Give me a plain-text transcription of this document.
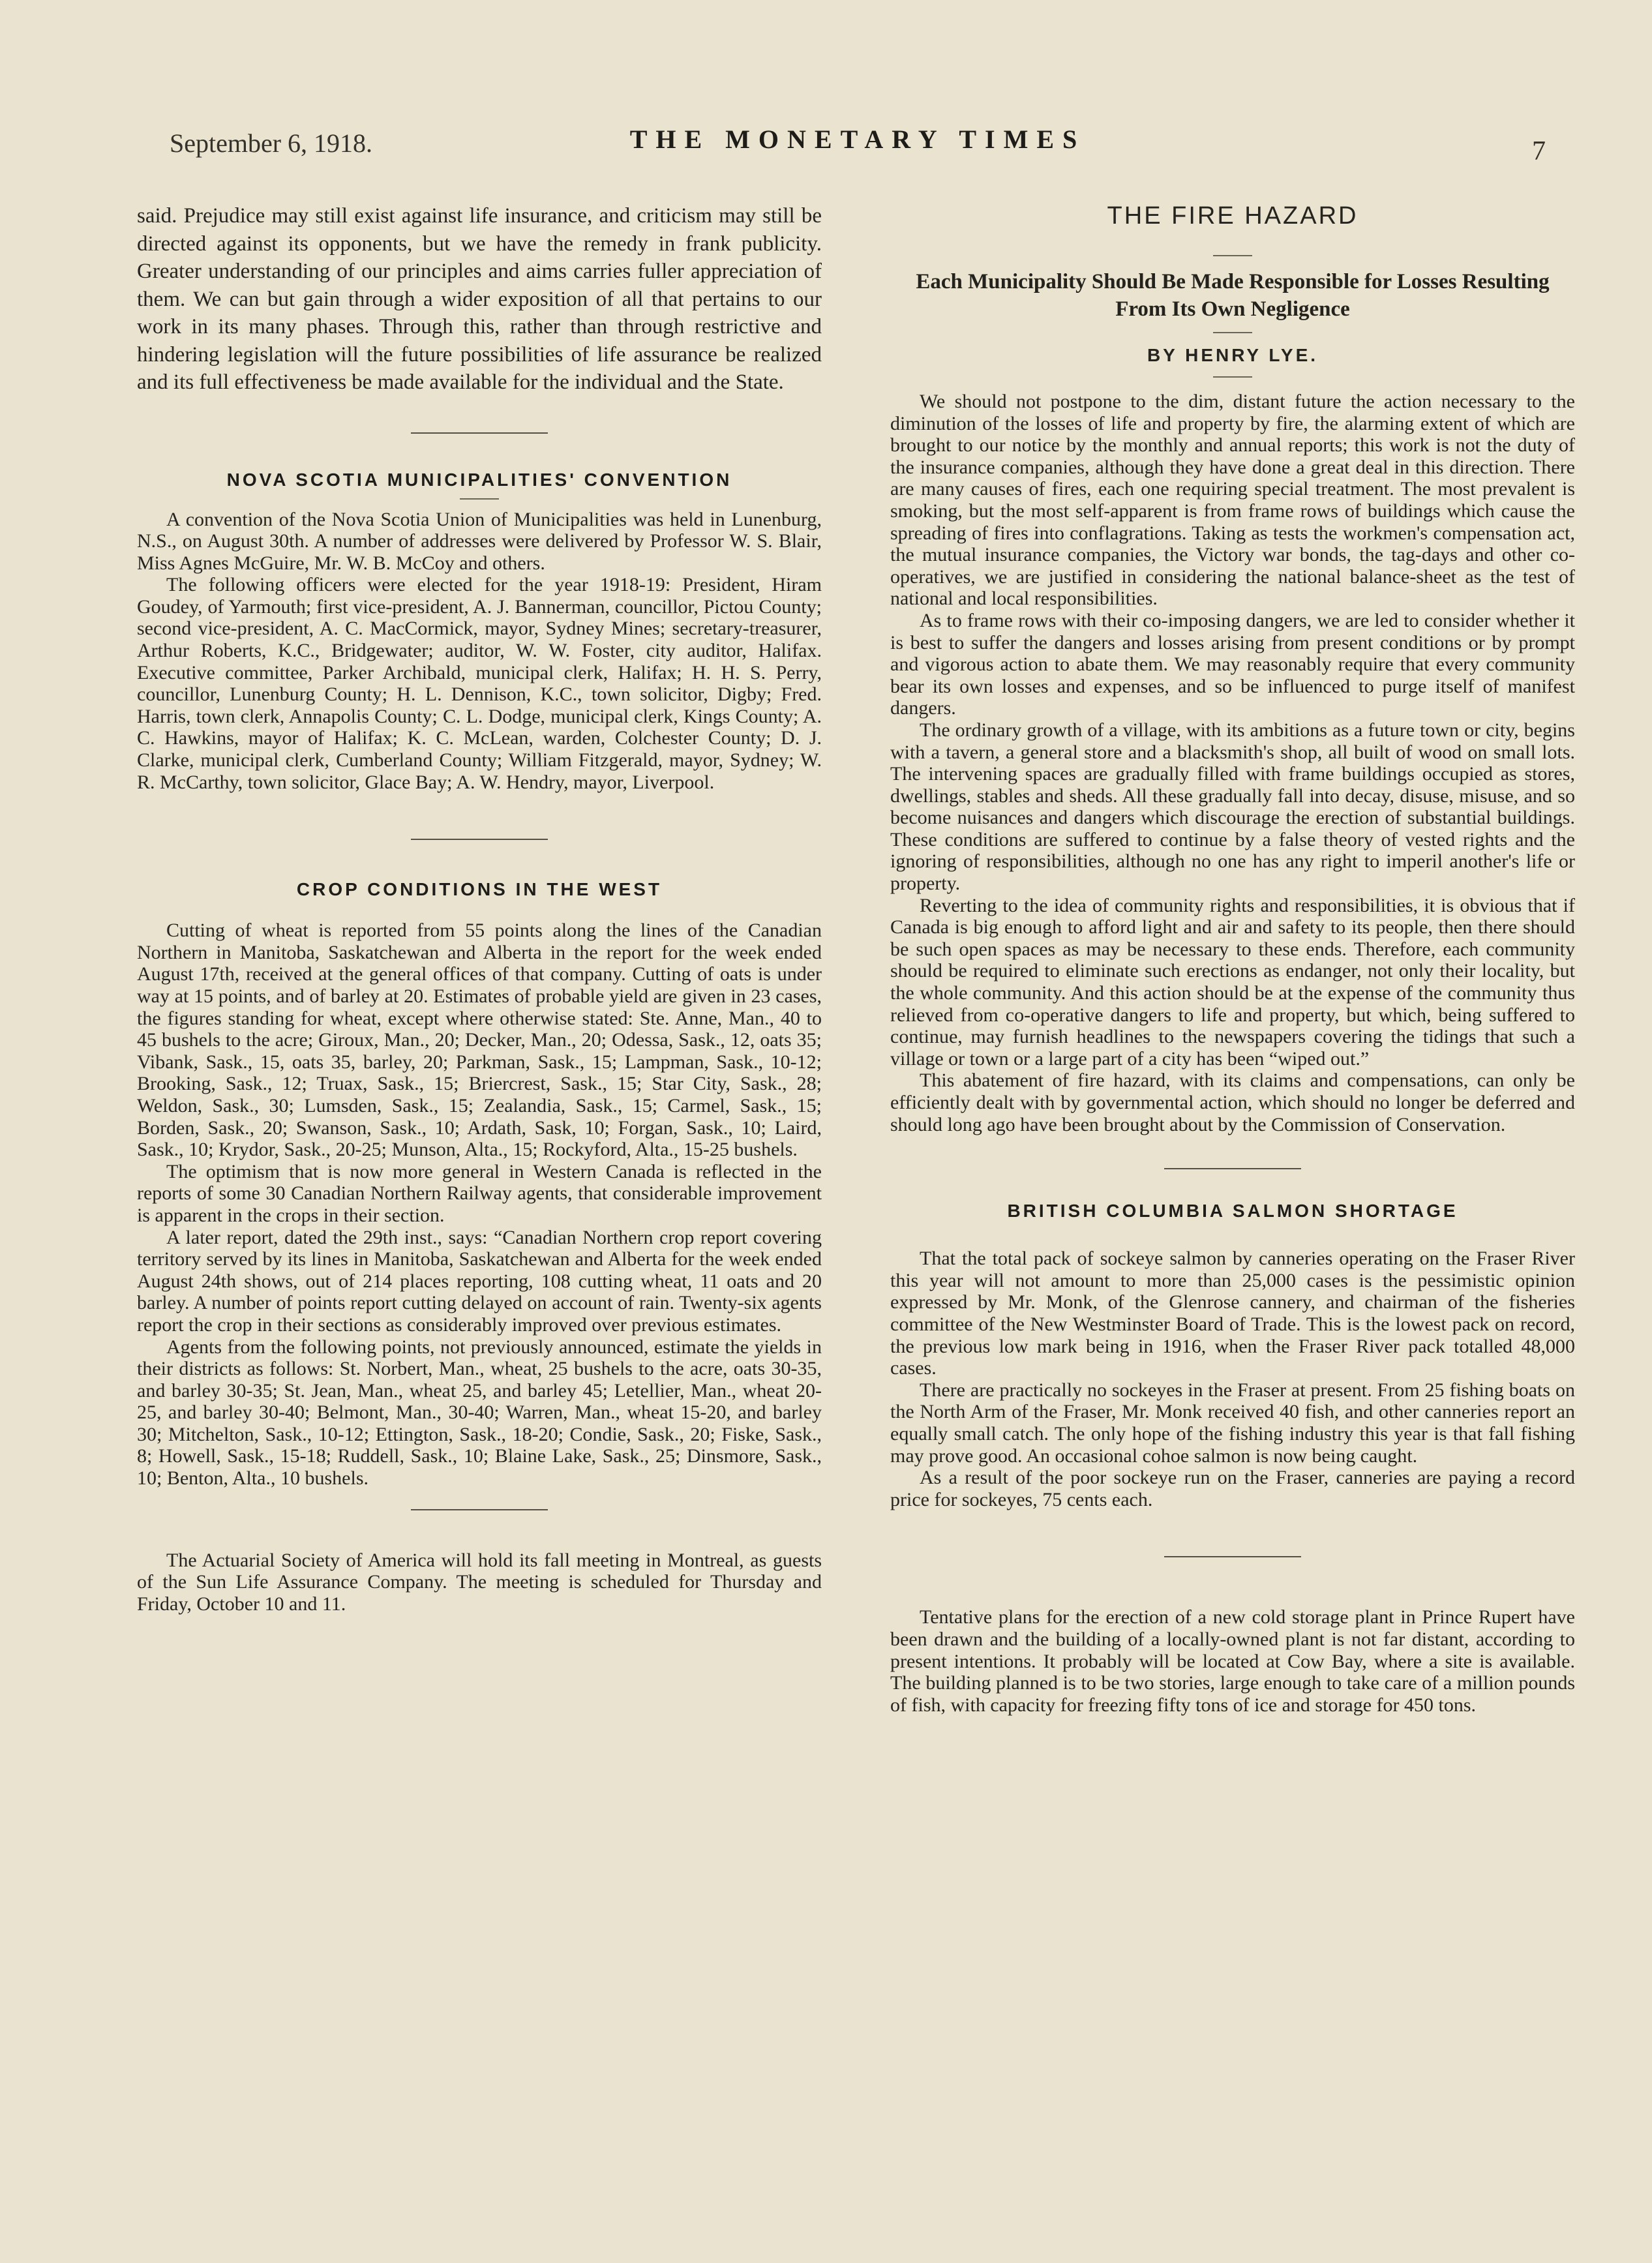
September 6, 1918.	THE MONETARY TIMES	7

said. Prejudice may still exist against life insurance, and criticism may still be directed against its opponents, but we have the remedy in frank publicity. Greater understanding of our principles and aims carries fuller appreciation of them. We can but gain through a wider exposition of all that pertains to our work in its many phases. Through this, rather than through restrictive and hindering legislation will the future possibilities of life assurance be realized and its full effectiveness be made available for the individual and the State.

NOVA SCOTIA MUNICIPALITIES' CONVENTION

A convention of the Nova Scotia Union of Municipalities was held in Lunenburg, N.S., on August 30th. A number of addresses were delivered by Professor W. S. Blair, Miss Agnes McGuire, Mr. W. B. McCoy and others.

The following officers were elected for the year 1918-19: President, Hiram Goudey, of Yarmouth; first vice-president, A. J. Bannerman, councillor, Pictou County; second vice-president, A. C. MacCormick, mayor, Sydney Mines; secretary-treasurer, Arthur Roberts, K.C., Bridgewater; auditor, W. W. Foster, city auditor, Halifax. Executive committee, Parker Archibald, municipal clerk, Halifax; H. H. S. Perry, councillor, Lunenburg County; H. L. Dennison, K.C., town solicitor, Digby; Fred. Harris, town clerk, Annapolis County; C. L. Dodge, municipal clerk, Kings County; A. C. Hawkins, mayor of Halifax; K. C. McLean, warden, Colchester County; D. J. Clarke, municipal clerk, Cumberland County; William Fitzgerald, mayor, Sydney; W. R. McCarthy, town solicitor, Glace Bay; A. W. Hendry, mayor, Liverpool.

CROP CONDITIONS IN THE WEST

Cutting of wheat is reported from 55 points along the lines of the Canadian Northern in Manitoba, Saskatchewan and Alberta in the report for the week ended August 17th, received at the general offices of that company. Cutting of oats is under way at 15 points, and of barley at 20. Estimates of probable yield are given in 23 cases, the figures standing for wheat, except where otherwise stated: Ste. Anne, Man., 40 to 45 bushels to the acre; Giroux, Man., 20; Decker, Man., 20; Odessa, Sask., 12, oats 35; Vibank, Sask., 15, oats 35, barley, 20; Parkman, Sask., 15; Lampman, Sask., 10-12; Brooking, Sask., 12; Truax, Sask., 15; Briercrest, Sask., 15; Star City, Sask., 28; Weldon, Sask., 30; Lumsden, Sask., 15; Zealandia, Sask., 15; Carmel, Sask., 15; Borden, Sask., 20; Swanson, Sask., 10; Ardath, Sask, 10; Forgan, Sask., 10; Laird, Sask., 10; Krydor, Sask., 20-25; Munson, Alta., 15; Rockyford, Alta., 15-25 bushels.

The optimism that is now more general in Western Canada is reflected in the reports of some 30 Canadian Northern Railway agents, that considerable improvement is apparent in the crops in their section.

A later report, dated the 29th inst., says: “Canadian Northern crop report covering territory served by its lines in Manitoba, Saskatchewan and Alberta for the week ended August 24th shows, out of 214 places reporting, 108 cutting wheat, 11 oats and 20 barley. A number of points report cutting delayed on account of rain. Twenty-six agents report the crop in their sections as considerably improved over previous estimates.

Agents from the following points, not previously announced, estimate the yields in their districts as follows: St. Norbert, Man., wheat, 25 bushels to the acre, oats 30-35, and barley 30-35; St. Jean, Man., wheat 25, and barley 45; Letellier, Man., wheat 20-25, and barley 30-40; Belmont, Man., 30-40; Warren, Man., wheat 15-20, and barley 30; Mitchelton, Sask., 10-12; Ettington, Sask., 18-20; Condie, Sask., 20; Fiske, Sask., 8; Howell, Sask., 15-18; Ruddell, Sask., 10; Blaine Lake, Sask., 25; Dinsmore, Sask., 10; Benton, Alta., 10 bushels.

The Actuarial Society of America will hold its fall meeting in Montreal, as guests of the Sun Life Assurance Company. The meeting is scheduled for Thursday and Friday, October 10 and 11.

THE FIRE HAZARD
Each Municipality Should Be Made Responsible for Losses Resulting From Its Own Negligence
BY HENRY LYE.

We should not postpone to the dim, distant future the action necessary to the diminution of the losses of life and property by fire, the alarming extent of which are brought to our notice by the monthly and annual reports; this work is not the duty of the insurance companies, although they have done a great deal in this direction. There are many causes of fires, each one requiring special treatment. The most prevalent is smoking, but the most self-apparent is from frame rows of buildings which cause the spreading of fires into conflagrations. Taking as tests the workmen's compensation act, the mutual insurance companies, the Victory war bonds, the tag-days and other co-operatives, we are justified in considering the national balance-sheet as the test of national and local responsibilities.

As to frame rows with their co-imposing dangers, we are led to consider whether it is best to suffer the dangers and losses arising from present conditions or by prompt and vigorous action to abate them. We may reasonably require that every community bear its own losses and expenses, and so be influenced to purge itself of manifest dangers.

The ordinary growth of a village, with its ambitions as a future town or city, begins with a tavern, a general store and a blacksmith's shop, all built of wood on small lots. The intervening spaces are gradually filled with frame buildings occupied as stores, dwellings, stables and sheds. All these gradually fall into decay, disuse, misuse, and so become nuisances and dangers which discourage the erection of substantial buildings. These conditions are suffered to continue by a false theory of vested rights and the ignoring of responsibilities, although no one has any right to imperil another's life or property.

Reverting to the idea of community rights and responsibilities, it is obvious that if Canada is big enough to afford light and air and safety to its people, then there should be such open spaces as may be necessary to these ends. Therefore, each community should be required to eliminate such erections as endanger, not only their locality, but the whole community. And this action should be at the expense of the community thus relieved from co-operative dangers to life and property, but which, being suffered to continue, may furnish headlines to the newspapers covering the tidings that such a village or town or a large part of a city has been “wiped out.”

This abatement of fire hazard, with its claims and compensations, can only be efficiently dealt with by governmental action, which should no longer be deferred and should long ago have been brought about by the Commission of Conservation.

BRITISH COLUMBIA SALMON SHORTAGE

That the total pack of sockeye salmon by canneries operating on the Fraser River this year will not amount to more than 25,000 cases is the pessimistic opinion expressed by Mr. Monk, of the Glenrose cannery, and chairman of the fisheries committee of the New Westminster Board of Trade. This is the lowest pack on record, the previous low mark being in 1916, when the Fraser River pack totalled 48,000 cases.

There are practically no sockeyes in the Fraser at present. From 25 fishing boats on the North Arm of the Fraser, Mr. Monk received 40 fish, and other canneries report an equally small catch. The only hope of the fishing industry this year is that fall fishing may prove good. An occasional cohoe salmon is now being caught.

As a result of the poor sockeye run on the Fraser, canneries are paying a record price for sockeyes, 75 cents each.

Tentative plans for the erection of a new cold storage plant in Prince Rupert have been drawn and the building of a locally-owned plant is not far distant, according to present intentions. It probably will be located at Cow Bay, where a site is available. The building planned is to be two stories, large enough to take care of a million pounds of fish, with capacity for freezing fifty tons of ice and storage for 450 tons.
